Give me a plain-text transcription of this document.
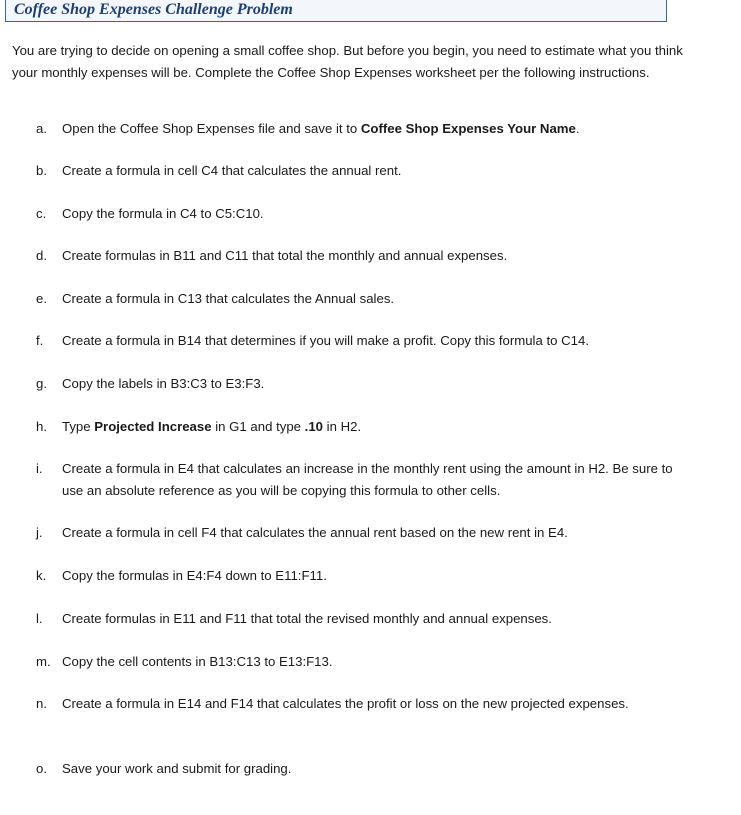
Coffee Shop Expenses Challenge Problem
You are trying to decide on opening a small coffee shop. But before you begin, you need to estimate what you think your monthly expenses will be. Complete the Coffee Shop Expenses worksheet per the following instructions.
a.	Open the Coffee Shop Expenses file and save it to Coffee Shop Expenses Your Name.
b.	Create a formula in cell C4 that calculates the annual rent.
c.	Copy the formula in C4 to C5:C10.
d.	Create formulas in B11 and C11 that total the monthly and annual expenses.
e.	Create a formula in C13 that calculates the Annual sales.
f.	Create a formula in B14 that determines if you will make a profit. Copy this formula to C14.
g.	Copy the labels in B3:C3 to E3:F3.
h.	Type Projected Increase in G1 and type .10 in H2.
i.	Create a formula in E4 that calculates an increase in the monthly rent using the amount in H2. Be sure to use an absolute reference as you will be copying this formula to other cells.
j.	Create a formula in cell F4 that calculates the annual rent based on the new rent in E4.
k.	Copy the formulas in E4:F4 down to E11:F11.
l.	Create formulas in E11 and F11 that total the revised monthly and annual expenses.
m. Copy the cell contents in B13:C13 to E13:F13.
n.	Create a formula in E14 and F14 that calculates the profit or loss on the new projected expenses.
o.	Save your work and submit for grading.
